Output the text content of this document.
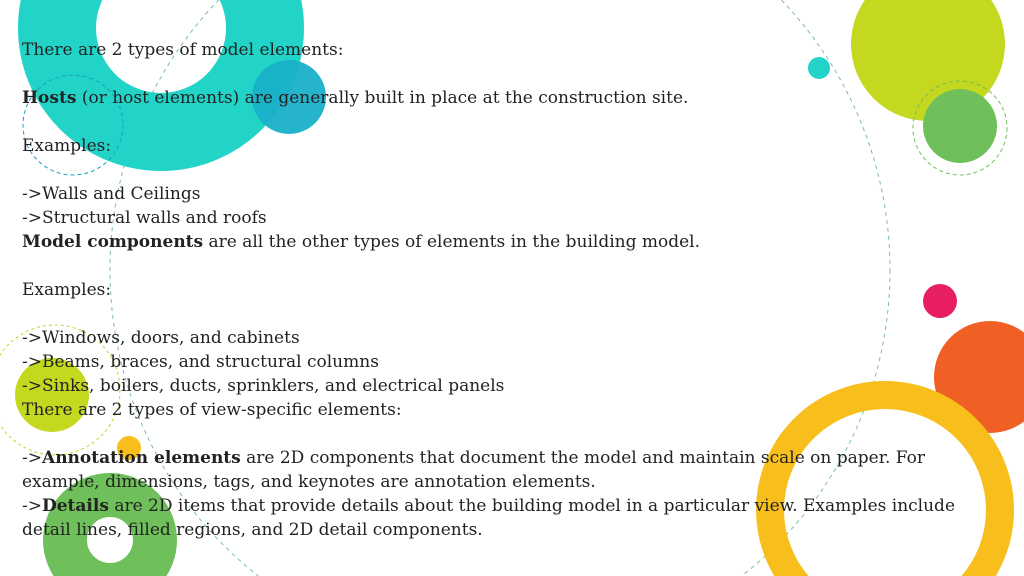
There are 2 types of model elements:
Hosts (or host elements) are generally built in place at the construction site.
Examples:
->Walls and Ceilings
->Structural walls and roofs
Model components are all the other types of elements in the building model.
Examples:
->Windows, doors, and cabinets
->Beams, braces, and structural columns
->Sinks, boilers, ducts, sprinklers, and electrical panels
There are 2 types of view-specific elements:
->Annotation elements are 2D components that document the model and maintain scale on paper. For example, dimensions, tags, and keynotes are annotation elements.
->Details are 2D items that provide details about the building model in a particular view. Examples include detail lines, filled regions, and 2D detail components.
